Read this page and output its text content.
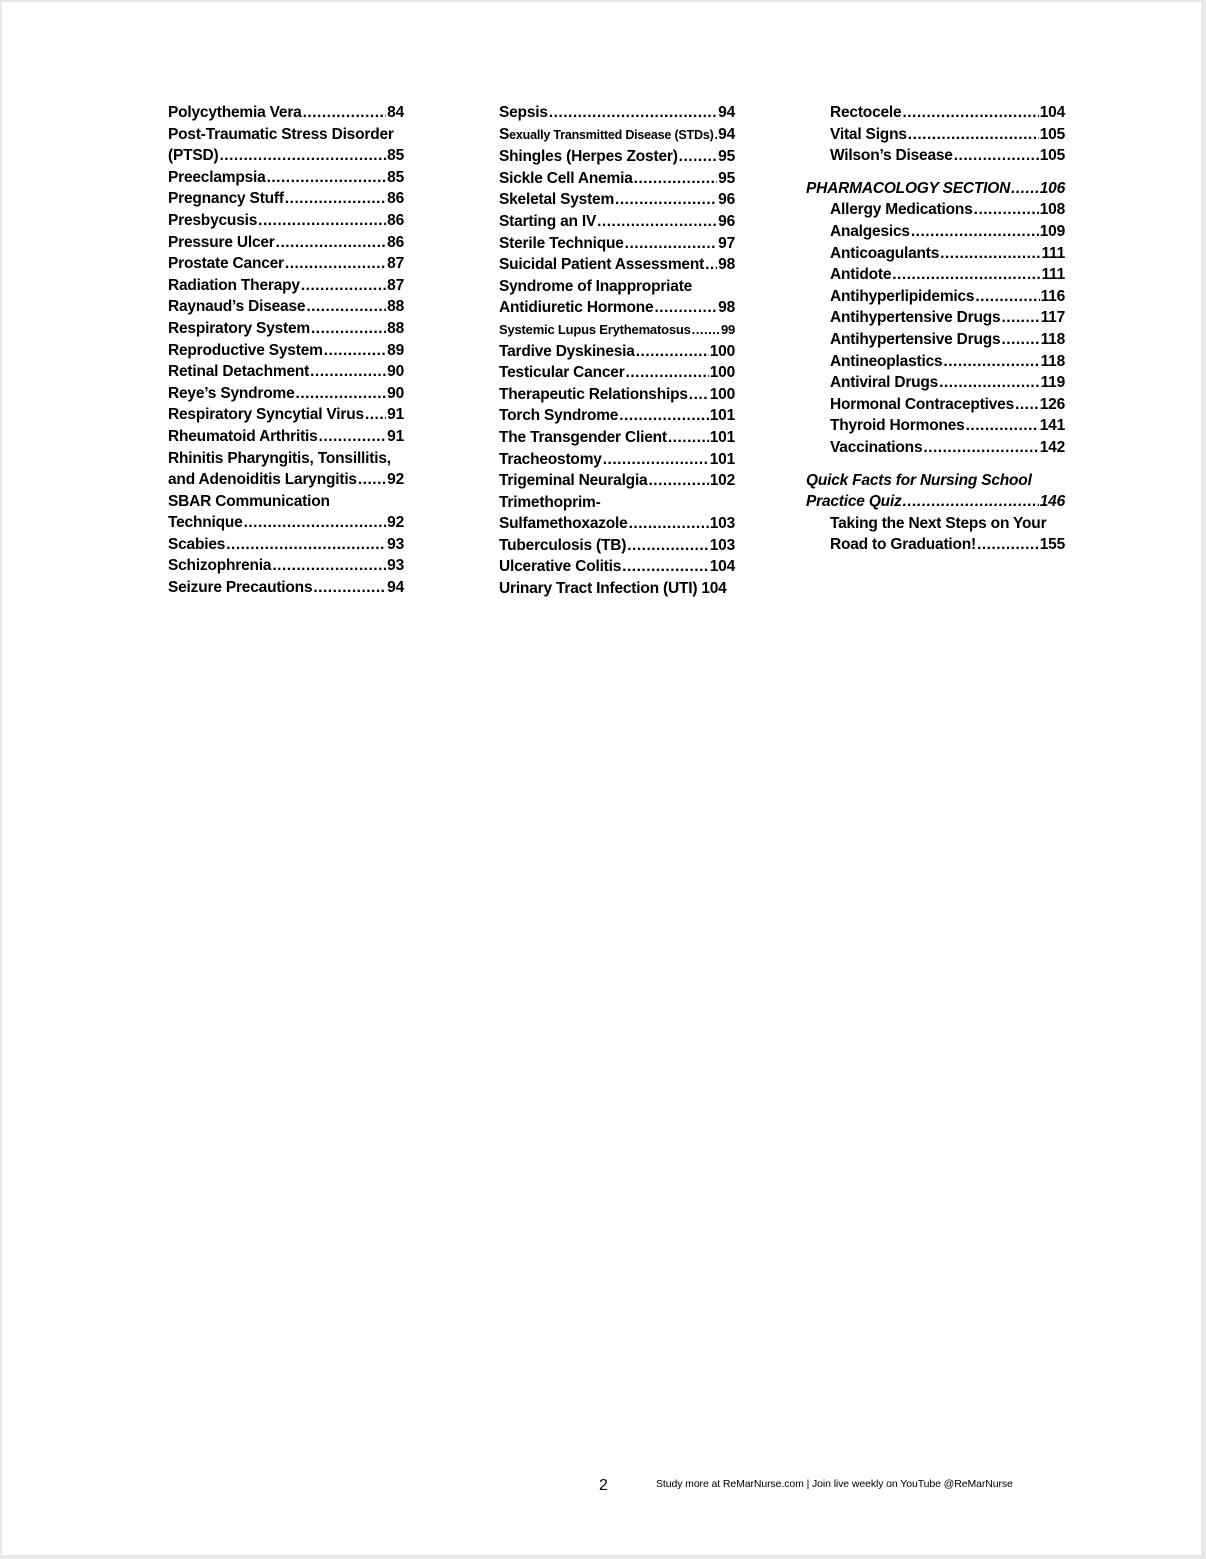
Polycythemia Vera .....	84
Post-Traumatic Stress Disorder
(PTSD) .....	85
Preeclampsia .....	85
Pregnancy Stuff .....	86
Presbycusis .....	86
Pressure Ulcer .....	86
Prostate Cancer .....	87
Radiation Therapy .....	87
Raynaud’s Disease .....	88
Respiratory System .....	88
Reproductive System .....	89
Retinal Detachment .....	90
Reye’s Syndrome .....	90
Respiratory Syncytial Virus ..... 91
Rheumatoid Arthritis .....	91
Rhinitis Pharyngitis, Tonsillitis,
and Adenoiditis Laryngitis ..... 92
SBAR Communication
Technique .....	92
Scabies .....	93
Schizophrenia .....	93
Seizure Precautions .....	94
Sepsis .....	94
Sexually Transmitted Disease (STDs) ..... 94
Shingles (Herpes Zoster) .....	95
Sickle Cell Anemia .....	95
Skeletal System .....	96
Starting an IV .....	96
Sterile Technique .....	97
Suicidal Patient Assessment ..... 98
Syndrome of Inappropriate
Antidiuretic Hormone .....	98
Systemic Lupus Erythematosus ..... 99
Tardive Dyskinesia .....	100
Testicular Cancer .....	100
Therapeutic Relationships ..... 100
Torch Syndrome .....	101
The Transgender Client .....	101
Tracheostomy .....	101
Trigeminal Neuralgia .....	102
Trimethoprim-
Sulfamethoxazole .....	103
Tuberculosis (TB) .....	103
Ulcerative Colitis .....	104
Urinary Tract Infection (UTI) 104
Rectocele .....	104
Vital Signs .....	105
Wilson’s Disease .....	105
PHARMACOLOGY SECTION ..... 106
Allergy Medications .....	108
Analgesics .....	109
Anticoagulants .....	111
Antidote .....	111
Antihyperlipidemics .....	116
Antihypertensive Drugs .....	117
Antihypertensive Drugs .....	118
Antineoplastics .....	118
Antiviral Drugs .....	119
Hormonal Contraceptives ..... 126
Thyroid Hormones .....	141
Vaccinations .....	142
Quick Facts for Nursing School
Practice Quiz .....	146
Taking the Next Steps on Your
Road to Graduation! .....	155
2	Study more at ReMarNurse.com | Join live weekly on YouTube @ReMarNurse
